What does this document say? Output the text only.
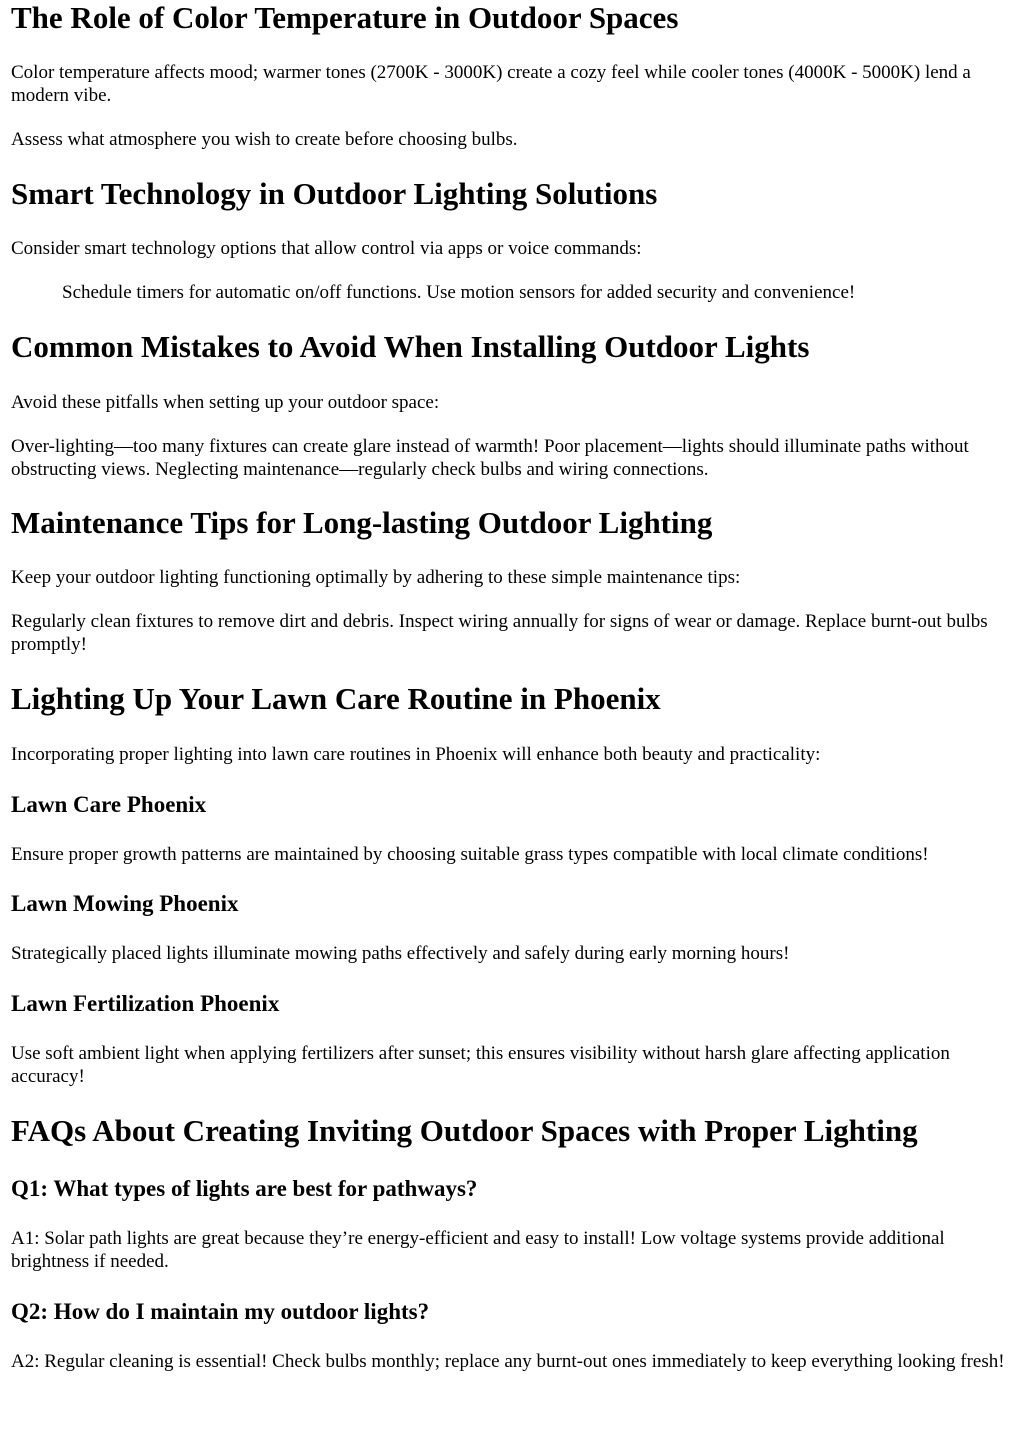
The Role of Color Temperature in Outdoor Spaces

Color temperature affects mood; warmer tones (2700K - 3000K) create a cozy feel while cooler tones (4000K - 5000K) lend a modern vibe.

Assess what atmosphere you wish to create before choosing bulbs.

Smart Technology in Outdoor Lighting Solutions

Consider smart technology options that allow control via apps or voice commands:

Schedule timers for automatic on/off functions. Use motion sensors for added security and convenience!

Common Mistakes to Avoid When Installing Outdoor Lights

Avoid these pitfalls when setting up your outdoor space:

Over-lighting—too many fixtures can create glare instead of warmth! Poor placement—lights should illuminate paths without obstructing views. Neglecting maintenance—regularly check bulbs and wiring connections.

Maintenance Tips for Long-lasting Outdoor Lighting

Keep your outdoor lighting functioning optimally by adhering to these simple maintenance tips:

Regularly clean fixtures to remove dirt and debris. Inspect wiring annually for signs of wear or damage. Replace burnt-out bulbs promptly!

Lighting Up Your Lawn Care Routine in Phoenix

Incorporating proper lighting into lawn care routines in Phoenix will enhance both beauty and practicality:

Lawn Care Phoenix

Ensure proper growth patterns are maintained by choosing suitable grass types compatible with local climate conditions!

Lawn Mowing Phoenix

Strategically placed lights illuminate mowing paths effectively and safely during early morning hours!

Lawn Fertilization Phoenix

Use soft ambient light when applying fertilizers after sunset; this ensures visibility without harsh glare affecting application accuracy!

FAQs About Creating Inviting Outdoor Spaces with Proper Lighting
Q1: What types of lights are best for pathways?

A1: Solar path lights are great because they’re energy-efficient and easy to install! Low voltage systems provide additional brightness if needed.

Q2: How do I maintain my outdoor lights?

A2: Regular cleaning is essential! Check bulbs monthly; replace any burnt-out ones immediately to keep everything looking fresh!
